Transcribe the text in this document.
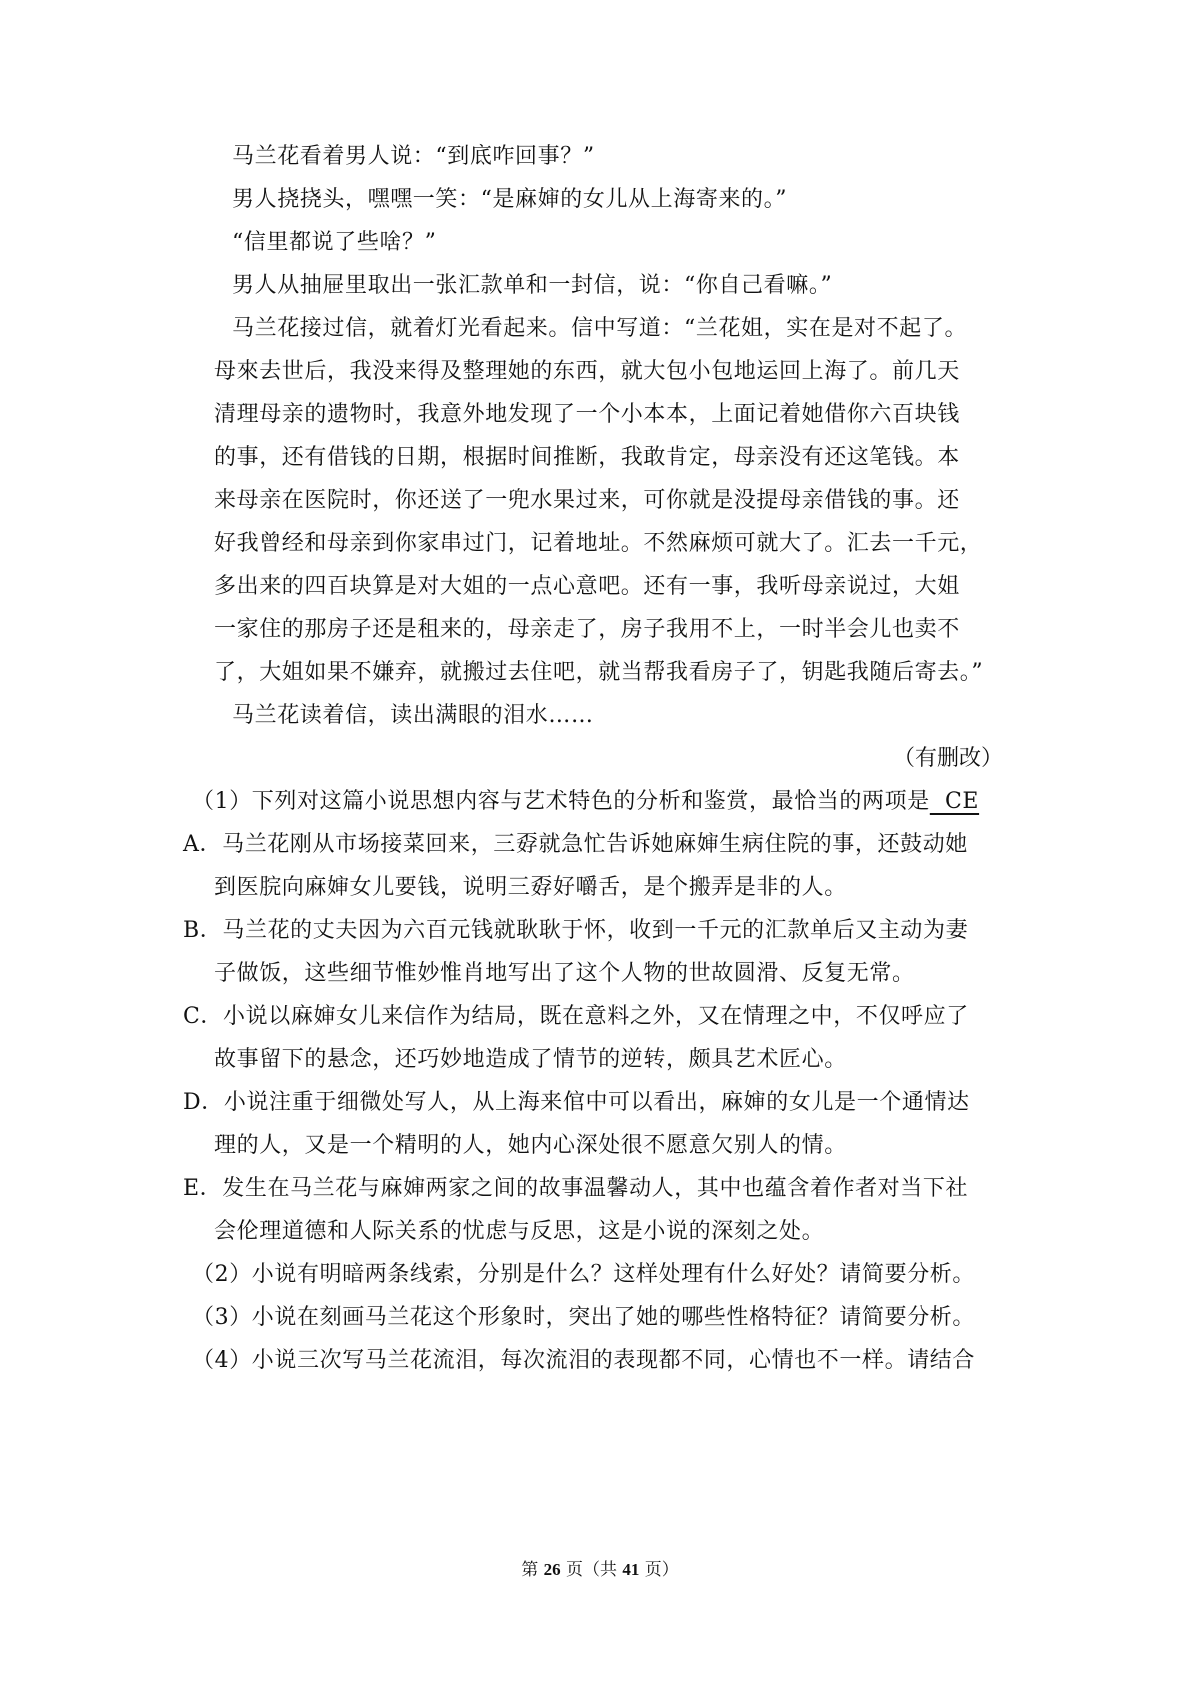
马兰花看着男人说：“到底咋回事？”
男人挠挠头，嘿嘿一笑：“是麻婶的女儿从上海寄来的。”
“信里都说了些啥？”
男人从抽屉里取出一张汇款单和一封信，说：“你自己看嘛。”
马兰花接过信，就着灯光看起来。信中写道：“兰花姐，实在是对不起了。
母來去世后，我没来得及整理她的东西，就大包小包地运回上海了。前几天
清理母亲的遗物时，我意外地发现了一个小本本，上面记着她借你六百块钱
的事，还有借钱的日期，根据时间推断，我敢肯定，母亲没有还这笔钱。本
来母亲在医院时，你还送了一兜水果过来，可你就是没提母亲借钱的事。还
好我曾经和母亲到你家串过门，记着地址。不然麻烦可就大了。汇去一千元，
多出来的四百块算是对大姐的一点心意吧。还有一事，我听母亲说过，大姐
一家住的那房子还是租来的，母亲走了，房子我用不上，一时半会儿也卖不
了，大姐如果不嫌弃，就搬过去住吧，就当帮我看房子了，钥匙我随后寄去。”
马兰花读着信，读出满眼的泪水……
（有删改）
（1）下列对这篇小说思想内容与艺术特色的分析和鉴赏，最恰当的两项是 CE
A．马兰花刚从市场接菜回来，三孬就急忙告诉她麻婶生病住院的事，还鼓动她
到医脘向麻婶女儿要钱，说明三孬好嚼舌，是个搬弄是非的人。
B．马兰花的丈夫因为六百元钱就耿耿于怀，收到一千元的汇款单后又主动为妻
子做饭，这些细节惟妙惟肖地写出了这个人物的世故圆滑、反复无常。
C．小说以麻婶女儿来信作为结局，既在意料之外，又在情理之中，不仅呼应了
故事留下的悬念，还巧妙地造成了情节的逆转，颇具艺术匠心。
D．小说注重于细微处写人，从上海来倌中可以看出，麻婶的女儿是一个通情达
理的人，又是一个精明的人，她内心深处很不愿意欠别人的情。
E．发生在马兰花与麻婶两家之间的故事温馨动人，其中也蕴含着作者对当下社
会伦理道德和人际关系的忧虑与反思，这是小说的深刻之处。
（2）小说有明暗两条线索，分别是什么？这样处理有什么好处？请简要分析。
（3）小说在刻画马兰花这个形象时，突出了她的哪些性格特征？请简要分析。
（4）小说三次写马兰花流泪，每次流泪的表现都不同，心情也不一样。请结合
第 26 页（共 41 页）
